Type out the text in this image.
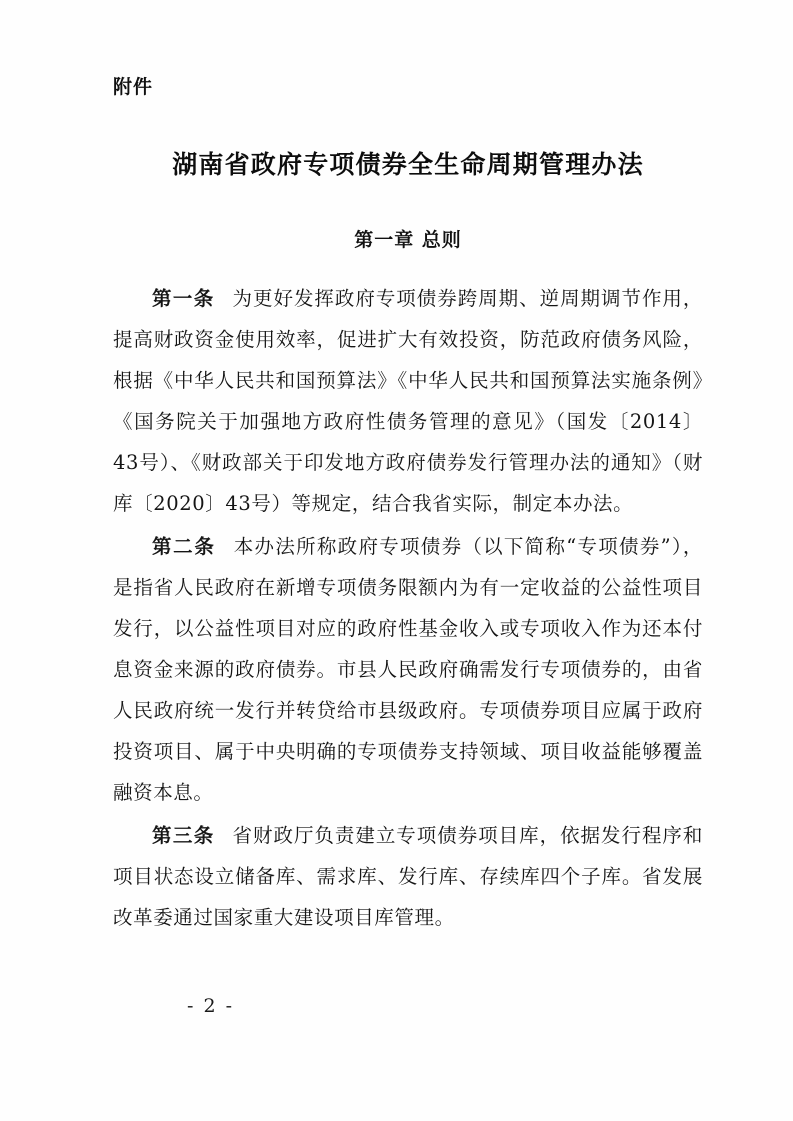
附件
湖南省政府专项债券全生命周期管理办法
第一章 总则

第一条 为更好发挥政府专项债券跨周期、逆周期调节作用，提高财政资金使用效率，促进扩大有效投资，防范政府债务风险，根据《中华人民共和国预算法》《中华人民共和国预算法实施条例》《国务院关于加强地方政府性债务管理的意见》（国发〔2014〕43号）、《财政部关于印发地方政府债券发行管理办法的通知》（财库〔2020〕43号）等规定，结合我省实际，制定本办法。

第二条 本办法所称政府专项债券（以下简称“专项债券”），是指省人民政府在新增专项债务限额内为有一定收益的公益性项目发行，以公益性项目对应的政府性基金收入或专项收入作为还本付息资金来源的政府债券。市县人民政府确需发行专项债券的，由省人民政府统一发行并转贷给市县级政府。专项债券项目应属于政府投资项目、属于中央明确的专项债券支持领域、项目收益能够覆盖融资本息。

第三条 省财政厅负责建立专项债券项目库，依据发行程序和项目状态设立储备库、需求库、发行库、存续库四个子库。省发展改革委通过国家重大建设项目库管理。

- 2 -
